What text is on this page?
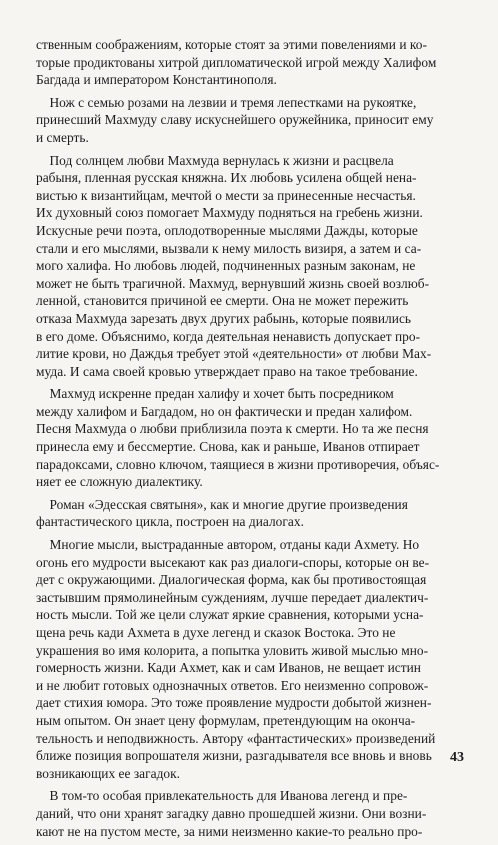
ственным соображениям, которые стоят за этими повелениями и ко-
торые продиктованы хитрой дипломатической игрой между Халифом
Багдада и императором Константинополя.
Нож с семью розами на лезвии и тремя лепестками на рукоятке,
принесший Махмуду славу искуснейшего оружейника, приносит ему
и смерть.
Под солнцем любви Махмуда вернулась к жизни и расцвела
рабыня, пленная русская княжна. Их любовь усилена общей нена-
вистью к византийцам, мечтой о мести за принесенные несчастья.
Их духовный союз помогает Махмуду подняться на гребень жизни.
Искусные речи поэта, оплодотворенные мыслями Дажды, которые
стали и его мыслями, вызвали к нему милость визиря, а затем и са-
мого халифа. Но любовь людей, подчиненных разным законам, не
может не быть трагичной. Махмуд, вернувший жизнь своей возлюб-
ленной, становится причиной ее смерти. Она не может пережить
отказа Махмуда зарезать двух других рабынь, которые появились
в его доме. Объяснимо, когда деятельная ненависть допускает про-
литие крови, но Даждья требует этой «деятельности» от любви Мах-
муда. И сама своей кровью утверждает право на такое требование.
Махмуд искренне предан халифу и хочет быть посредником
между халифом и Багдадом, но он фактически и предан халифом.
Песня Махмуда о любви приблизила поэта к смерти. Но та же песня
принесла ему и бессмертие. Снова, как и раньше, Иванов отпирает
парадоксами, словно ключом, таящиеся в жизни противоречия, объяс-
няет ее сложную диалектику.
Роман «Эдесская святыня», как и многие другие произведения
фантастического цикла, построен на диалогах.
Многие мысли, выстраданные автором, отданы кади Ахмету. Но
огонь его мудрости высекают как раз диалоги-споры, которые он ве-
дет с окружающими. Диалогическая форма, как бы противостоящая
застывшим прямолинейным суждениям, лучше передает диалектич-
ность мысли. Той же цели служат яркие сравнения, которыми уcна-
щена речь кади Ахмета в духе легенд и сказок Востока. Это не
украшения во имя колорита, а попытка уловить живой мыслью мно-
гомерность жизни. Кади Ахмет, как и сам Иванов, не вещает истин
и не любит готовых однозначных ответов. Его неизменно сопровож-
дает стихия юмора. Это тоже проявление мудрости добытой жизнен-
ным опытом. Он знает цену формулам, претендующим на оконча-
тельность и неподвижность. Автору «фантастических» произведений
ближе позиция вопрошателя жизни, разгадывателя все вновь и вновь
возникающих ее загадок.
В том-то особая привлекательность для Иванова легенд и пре-
даний, что они хранят загадку давно прошедшей жизни. Они возни-
кают не на пустом месте, за ними неизменно какие-то реально про-
43
